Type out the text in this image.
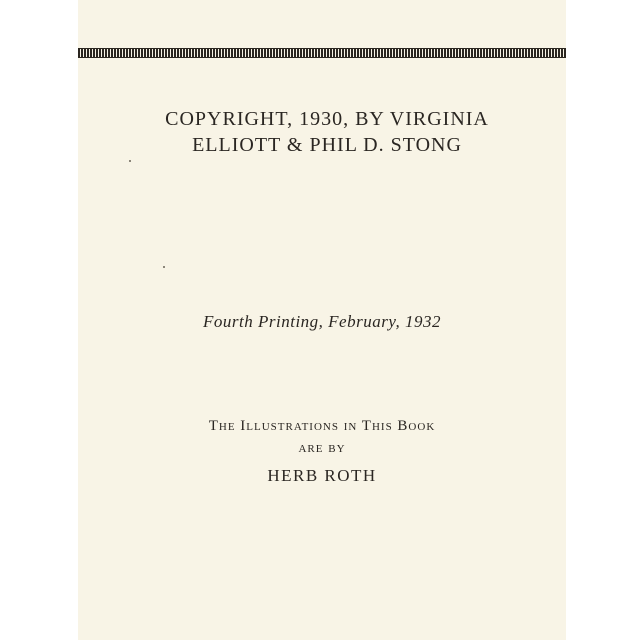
COPYRIGHT, 1930, BY VIRGINIA
ELLIOTT & PHIL D. STONG
Fourth Printing, February, 1932
The Illustrations in This Book
are by
HERB ROTH
